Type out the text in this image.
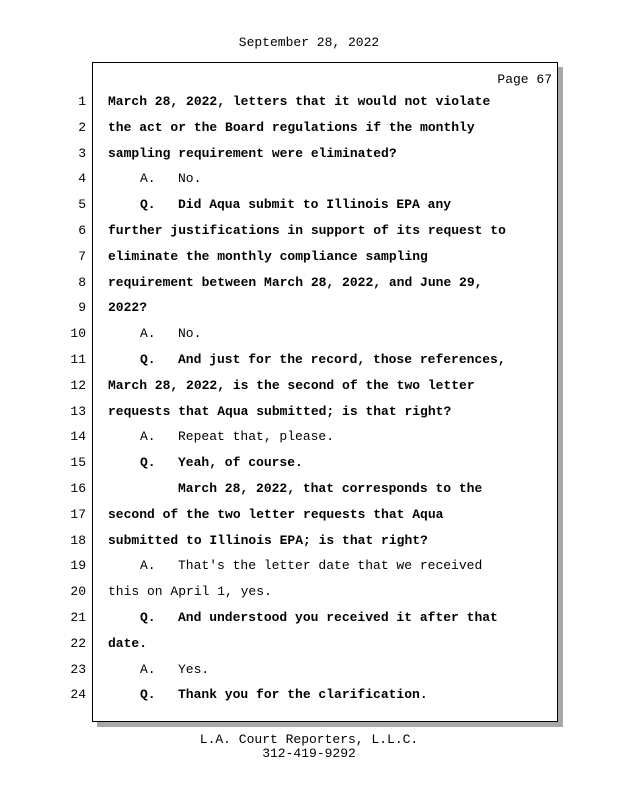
September 28, 2022
Page 67
1 March 28, 2022, letters that it would not violate
2 the act or the Board regulations if the monthly
3 sampling requirement were eliminated?
4	A. No.
5	Q. Did Aqua submit to Illinois EPA any
6 further justifications in support of its request to
7 eliminate the monthly compliance sampling
8 requirement between March 28, 2022, and June 29,
9 2022?
10	A. No.
11	Q. And just for the record, those references,
12 March 28, 2022, is the second of the two letter
13 requests that Aqua submitted; is that right?
14	A. Repeat that, please.
15	Q. Yeah, of course.
16	March 28, 2022, that corresponds to the
17 second of the two letter requests that Aqua
18 submitted to Illinois EPA; is that right?
19	A. That's the letter date that we received
20 this on April 1, yes.
21	Q. And understood you received it after that
22 date.
23	A. Yes.
24	Q. Thank you for the clarification.
L.A. Court Reporters, L.L.C.
312-419-9292
